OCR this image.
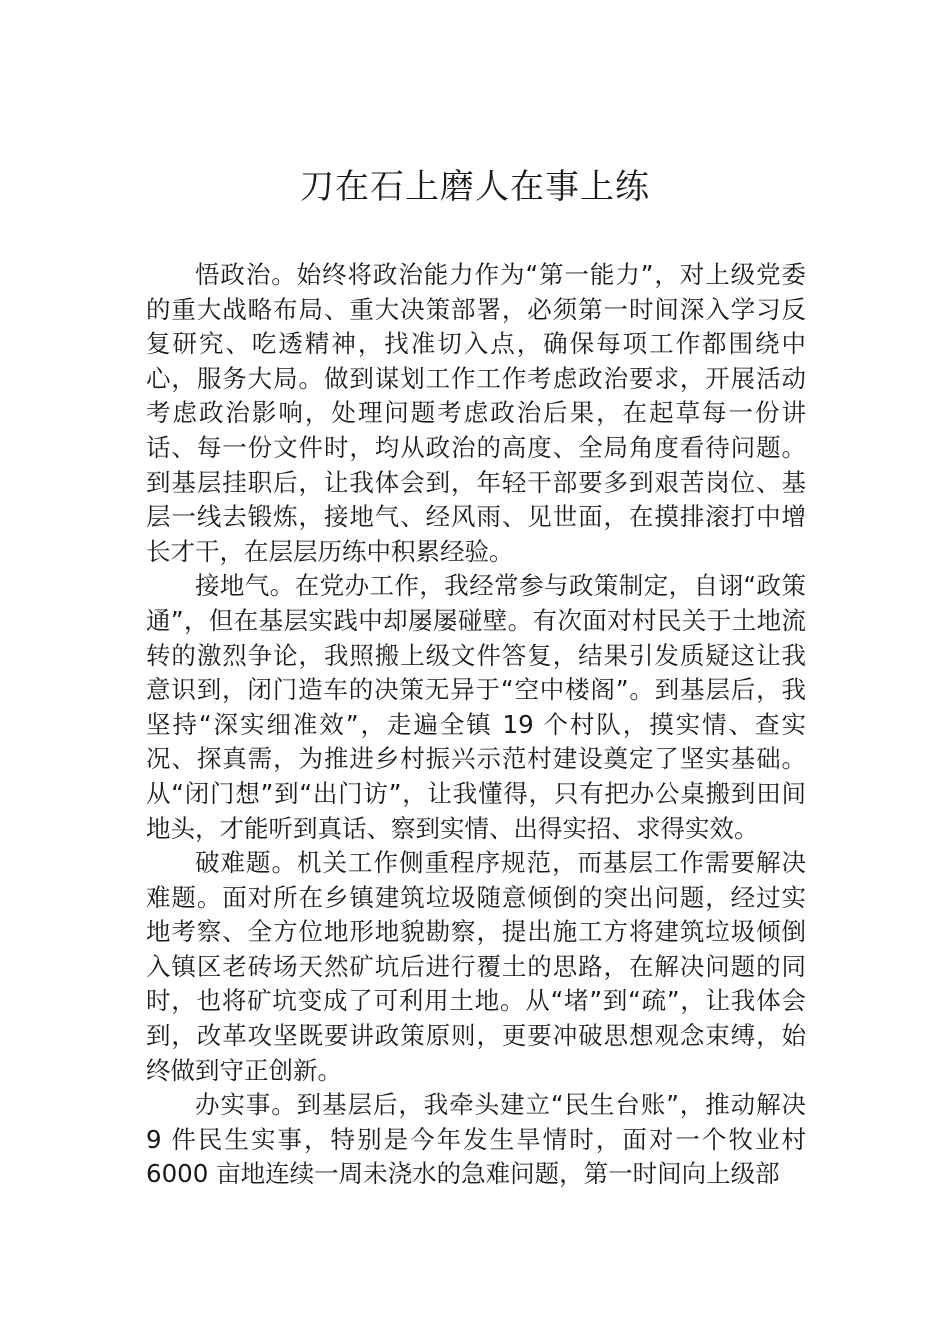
刀在石上磨人在事上练

悟政治。始终将政治能力作为“第一能力”，对上级党委的重大战略布局、重大决策部署，必须第一时间深入学习反复研究、吃透精神，找准切入点，确保每项工作都围绕中心，服务大局。做到谋划工作工作考虑政治要求，开展活动考虑政治影响，处理问题考虑政治后果，在起草每一份讲话、每一份文件时，均从政治的高度、全局角度看待问题。到基层挂职后，让我体会到，年轻干部要多到艰苦岗位、基层一线去锻炼，接地气、经风雨、见世面，在摸排滚打中增长才干，在层层历练中积累经验。

接地气。在党办工作，我经常参与政策制定，自诩“政策通”，但在基层实践中却屡屡碰壁。有次面对村民关于土地流转的激烈争论，我照搬上级文件答复，结果引发质疑这让我意识到，闭门造车的决策无异于“空中楼阁”。到基层后，我坚持“深实细准效”，走遍全镇 19 个村队，摸实情、查实况、探真需，为推进乡村振兴示范村建设奠定了坚实基础。从“闭门想”到“出门访”，让我懂得，只有把办公桌搬到田间地头，才能听到真话、察到实情、出得实招、求得实效。

破难题。机关工作侧重程序规范，而基层工作需要解决难题。面对所在乡镇建筑垃圾随意倾倒的突出问题，经过实地考察、全方位地形地貌勘察，提出施工方将建筑垃圾倾倒入镇区老砖场天然矿坑后进行覆土的思路，在解决问题的同时，也将矿坑变成了可利用土地。从“堵”到“疏”，让我体会到，改革攻坚既要讲政策原则，更要冲破思想观念束缚，始终做到守正创新。

办实事。到基层后，我牵头建立“民生台账”，推动解决 9 件民生实事，特别是今年发生旱情时，面对一个牧业村 6000 亩地连续一周未浇水的急难问题，第一时间向上级部
